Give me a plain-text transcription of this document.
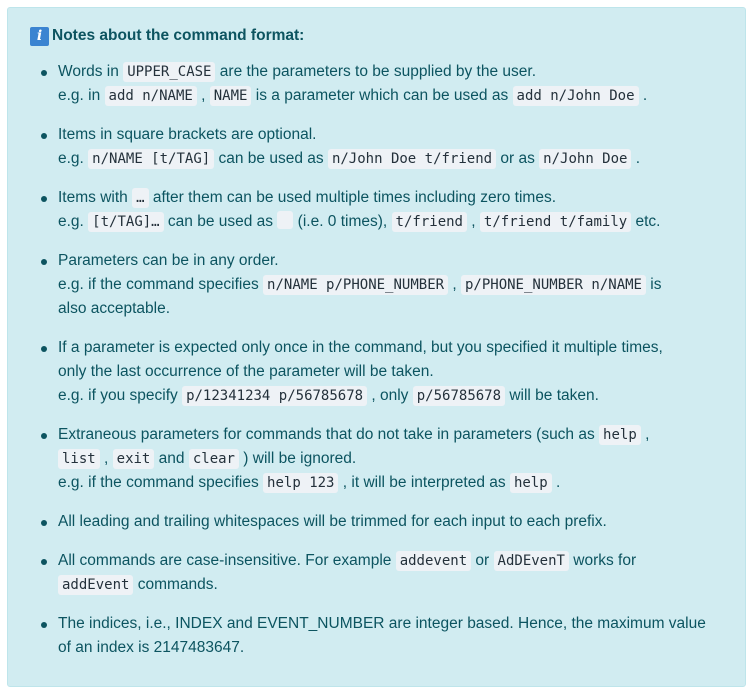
i Notes about the command format:
Words in UPPER_CASE are the parameters to be supplied by the user.
e.g. in add n/NAME , NAME is a parameter which can be used as add n/John Doe .
Items in square brackets are optional.
e.g. n/NAME [t/TAG] can be used as n/John Doe t/friend or as n/John Doe .
Items with … after them can be used multiple times including zero times.
e.g. [t/TAG]… can be used as  (i.e. 0 times), t/friend , t/friend t/family etc.
Parameters can be in any order.
e.g. if the command specifies n/NAME p/PHONE_NUMBER , p/PHONE_NUMBER n/NAME is
also acceptable.
If a parameter is expected only once in the command, but you specified it multiple times,
only the last occurrence of the parameter will be taken.
e.g. if you specify p/12341234 p/56785678 , only p/56785678 will be taken.
Extraneous parameters for commands that do not take in parameters (such as help ,
list , exit and clear ) will be ignored.
e.g. if the command specifies help 123 , it will be interpreted as help .
All leading and trailing whitespaces will be trimmed for each input to each prefix.
All commands are case-insensitive. For example addevent or AdDEvenT works for
addEvent commands.
The indices, i.e., INDEX and EVENT_NUMBER are integer based. Hence, the maximum value
of an index is 2147483647.
